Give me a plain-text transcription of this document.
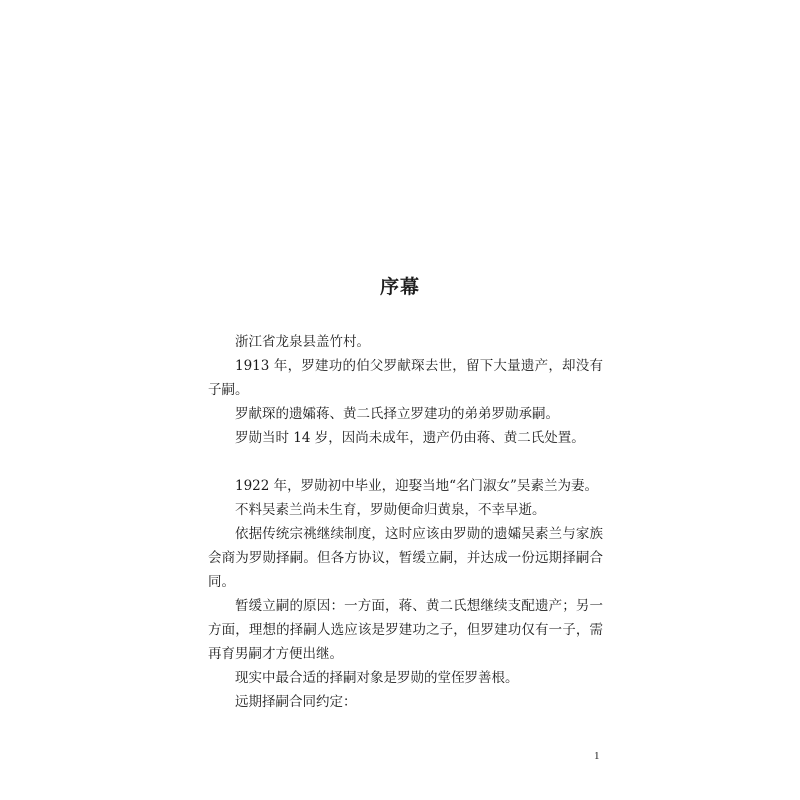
序幕

浙江省龙泉县盖竹村。

1913 年，罗建功的伯父罗献琛去世，留下大量遗产，却没有子嗣。

罗献琛的遗孀蒋、黄二氏择立罗建功的弟弟罗勋承嗣。

罗勋当时 14 岁，因尚未成年，遗产仍由蒋、黄二氏处置。

1922 年，罗勋初中毕业，迎娶当地“名门淑女”吴素兰为妻。

不料吴素兰尚未生育，罗勋便命归黄泉，不幸早逝。

依据传统宗祧继续制度，这时应该由罗勋的遗孀吴素兰与家族会商为罗勋择嗣。但各方协议，暂缓立嗣，并达成一份远期择嗣合同。

暂缓立嗣的原因：一方面，蒋、黄二氏想继续支配遗产；另一方面，理想的择嗣人选应该是罗建功之子，但罗建功仅有一子，需再育男嗣才方便出继。

现实中最合适的择嗣对象是罗勋的堂侄罗善根。

远期择嗣合同约定：

1
